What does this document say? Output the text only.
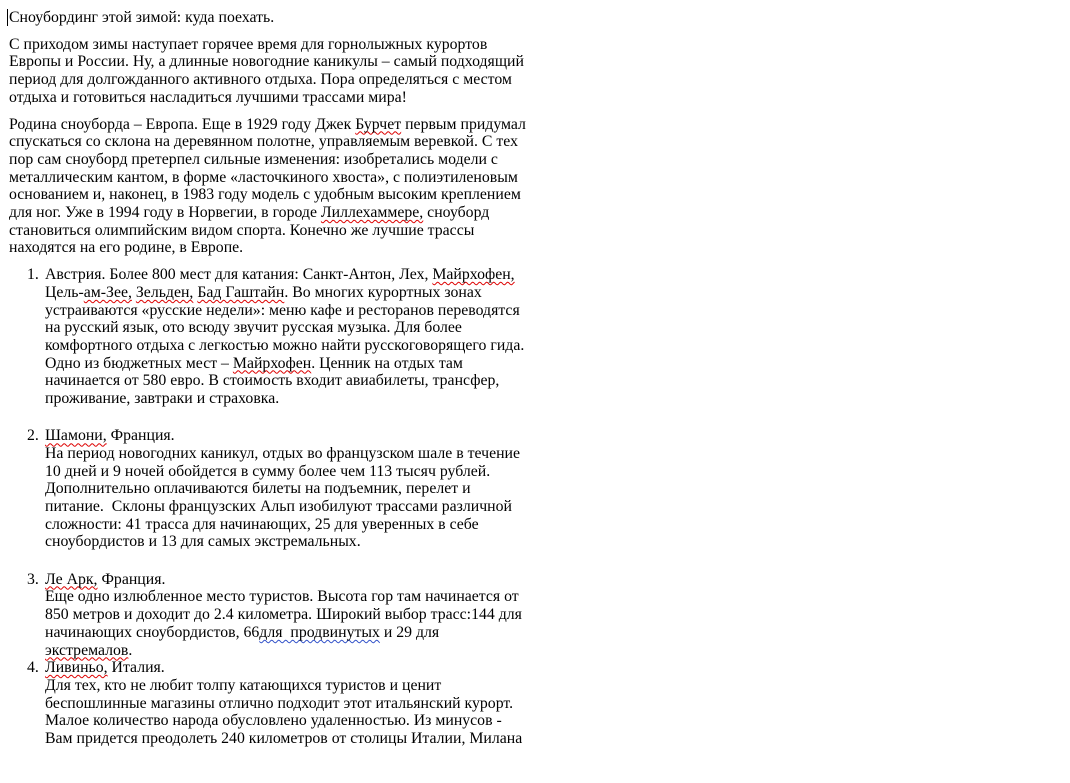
Сноубординг этой зимой: куда поехать.
С приходом зимы наступает горячее время для горнолыжных курортов
Европы и России. Ну, а длинные новогодние каникулы – самый подходящий
период для долгожданного активного отдыха. Пора определяться с местом
отдыха и готовиться насладиться лучшими трассами мира!
Родина сноуборда – Европа. Еще в 1929 году Джек Бурчет первым придумал
спускаться со склона на деревянном полотне, управляемым веревкой. С тех
пор сам сноуборд претерпел сильные изменения: изобретались модели с
металлическим кантом, в форме «ласточкиного хвоста», с полиэтиленовым
основанием и, наконец, в 1983 году модель с удобным высоким креплением
для ног. Уже в 1994 году в Норвегии, в городе Лиллехаммере, сноуборд
становиться олимпийским видом спорта. Конечно же лучшие трассы
находятся на его родине, в Европе.
1. Австрия. Более 800 мест для катания: Санкт-Антон, Лех, Майрхофен,
Цель-ам-Зее, Зельден, Бад Гаштайн. Во многих курортных зонах
устраиваются «русские недели»: меню кафе и ресторанов переводятся
на русский язык, ото всюду звучит русская музыка. Для более
комфортного отдыха с легкостью можно найти русскоговорящего гида.
Одно из бюджетных мест – Майрхофен. Ценник на отдых там
начинается от 580 евро. В стоимость входит авиабилеты, трансфер,
проживание, завтраки и страховка.
2. Шамони, Франция.
На период новогодних каникул, отдых во французском шале в течение
10 дней и 9 ночей обойдется в сумму более чем 113 тысяч рублей.
Дополнительно оплачиваются билеты на подъемник, перелет и
питание.  Склоны французских Альп изобилуют трассами различной
сложности: 41 трасса для начинающих, 25 для уверенных в себе
сноубордистов и 13 для самых экстремальных.
3. Ле Арк, Франция.
Еще одно излюбленное место туристов. Высота гор там начинается от
850 метров и доходит до 2.4 километра. Широкий выбор трасс:144 для
начинающих сноубордистов, 66для  продвинутых и 29 для
экстремалов.
4. Ливиньо, Италия.
Для тех, кто не любит толпу катающихся туристов и ценит
беспошлинные магазины отлично подходит этот итальянский курорт.
Малое количество народа обусловлено удаленностью. Из минусов -
Вам придется преодолеть 240 километров от столицы Италии, Милана
